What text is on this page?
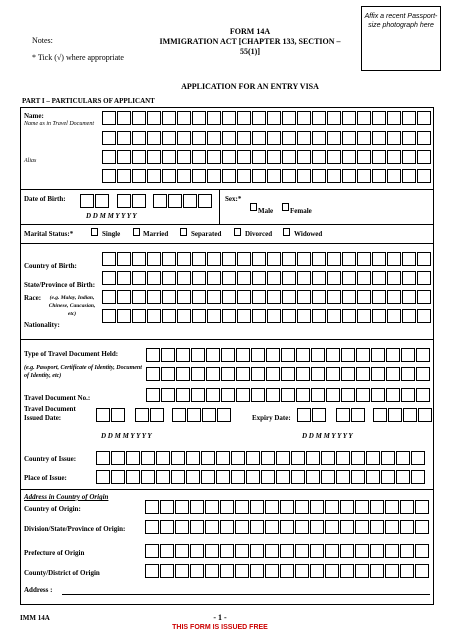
Notes:
* Tick (√) where appropriate
FORM 14A
IMMIGRATION ACT [CHAPTER 133, SECTION – 55(1)]
APPLICATION FOR AN ENTRY VISA
Affix a recent Passport-size photograph here
PART I – PARTICULARS OF APPLICANT
Name:
Name as in Travel Document
Alias
Date of Birth:
D D M M Y Y Y Y
Sex:*
Male Female
Marital Status:*	Single	Married	Separated	Divorced	Widowed
Country of Birth:
State/Province of Birth:
Race:	(e.g. Malay, Indian, Chinese, Caucasian, etc)
Nationality:
Type of Travel Document Held:
(e.g. Passport, Certificate of Identity, Document of Identity, etc)
Travel Document No.:
Travel Document
Issued Date:
D D M M Y Y Y Y
Expiry Date:
D D M M Y Y Y Y
Country of Issue:
Place of Issue:
Address in Country of Origin
Country of Origin:
Division/State/Province of Origin:
Prefecture of Origin
County/District of Origin
Address :
IMM 14A	- 1 -
THIS FORM IS ISSUED FREE
